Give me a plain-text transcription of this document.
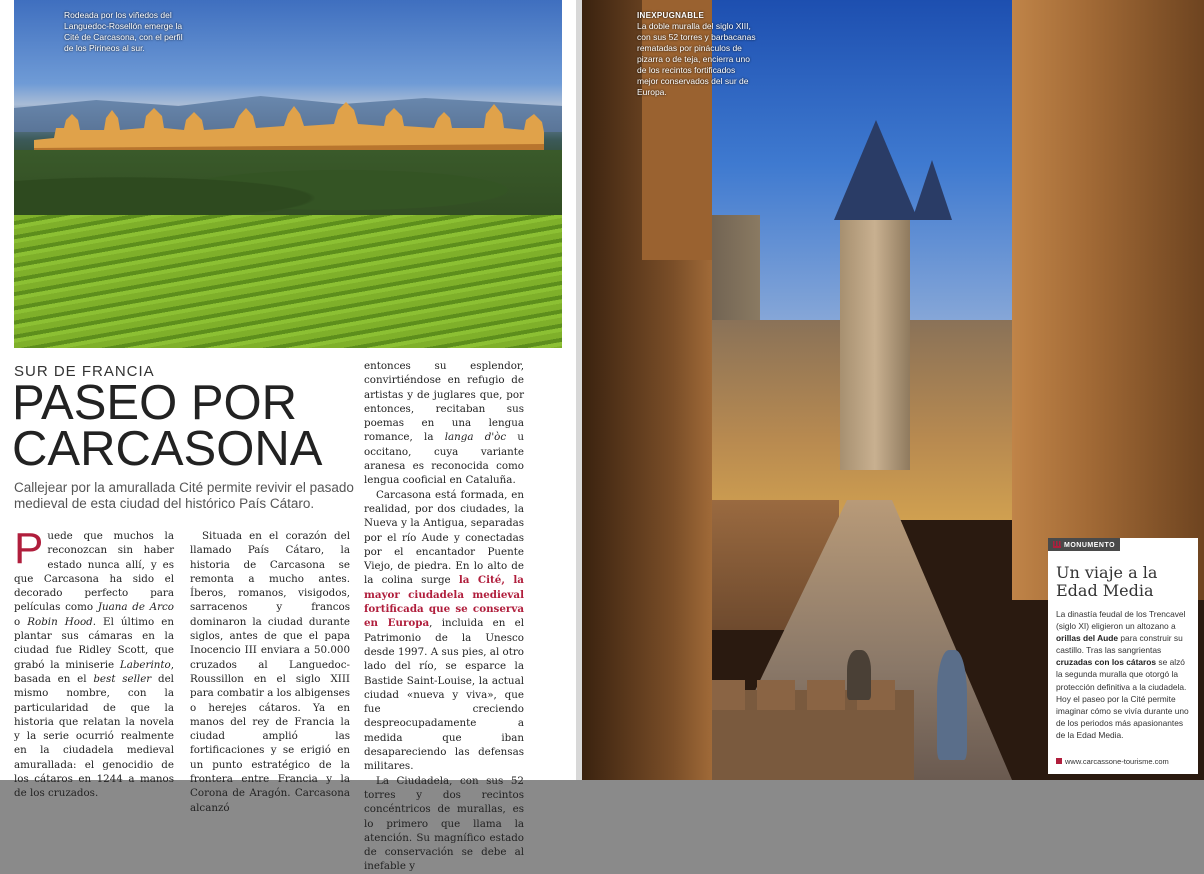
Rodeada por los viñedos del Languedoc-Rosellón emerge la Cité de Carcasona, con el perfil de los Pirineos al sur.
SUR DE FRANCIA
PASEO POR
CARCASONA
Callejear por la amurallada Cité permite revivir el pasado medieval de esta ciudad del histórico País Cátaro.

Puede que muchos la reconozcan sin haber estado nunca allí, y es que Carcasona ha sido el decorado perfecto para películas como Juana de Arco o Robin Hood. El último en plantar sus cámaras en la ciudad fue Ridley Scott, que grabó la miniserie Laberinto, basada en el best seller del mismo nombre, con la particularidad de que la historia que relatan la novela y la serie ocurrió realmente en la ciudadela medieval amurallada: el genocidio de los cátaros en 1244 a manos de los cruzados.

Situada en el corazón del llamado País Cátaro, la historia de Carcasona se remonta a mucho antes. Íberos, romanos, visigodos, sarracenos y francos dominaron la ciudad durante siglos, antes de que el papa Inocencio III enviara a 50.000 cruzados al Languedoc-Roussillon en el siglo XIII para combatir a los albigenses o herejes cátaros. Ya en manos del rey de Francia la ciudad amplió las fortificaciones y se erigió en un punto estratégico de la frontera entre Francia y la Corona de Aragón. Carcasona alcanzó

entonces su esplendor, convirtiéndose en refugio de artistas y de juglares que, por entonces, recitaban sus poemas en una lengua romance, la langa d'òc u occitano, cuya variante aranesa es reconocida como lengua cooficial en Cataluña.

Carcasona está formada, en realidad, por dos ciudades, la Nueva y la Antigua, separadas por el río Aude y conectadas por el encantador Puente Viejo, de piedra. En lo alto de la colina surge la Cité, la mayor ciudadela medieval fortificada que se conserva en Europa, incluida en el Patrimonio de la Unesco desde 1997. A sus pies, al otro lado del río, se esparce la Bastide Saint-Louise, la actual ciudad «nueva y viva», que fue creciendo despreocupadamente a medida que iban desapareciendo las defensas militares.

La Ciudadela, con sus 52 torres y dos recintos concéntricos de murallas, es lo primero que llama la atención. Su magnífico estado de conservación se debe al inefable y

INEXPUGNABLE
La doble muralla del siglo XIII, con sus 52 torres y barbacanas rematadas por pináculos de pizarra o de teja, encierra uno de los recintos fortificados mejor conservados del sur de Europa.
MONUMENTO
Un viaje a la Edad Media

La dinastía feudal de los Trencavel (siglo XI) eligieron un altozano a orillas del Aude para construir su castillo. Tras las sangrientas cruzadas con los cátaros se alzó la segunda muralla que otorgó la protección definitiva a la ciudadela. Hoy el paseo por la Cité permite imaginar cómo se vivía durante uno de los periodos más apasionantes de la Edad Media.

www.carcassone-tourisme.com
